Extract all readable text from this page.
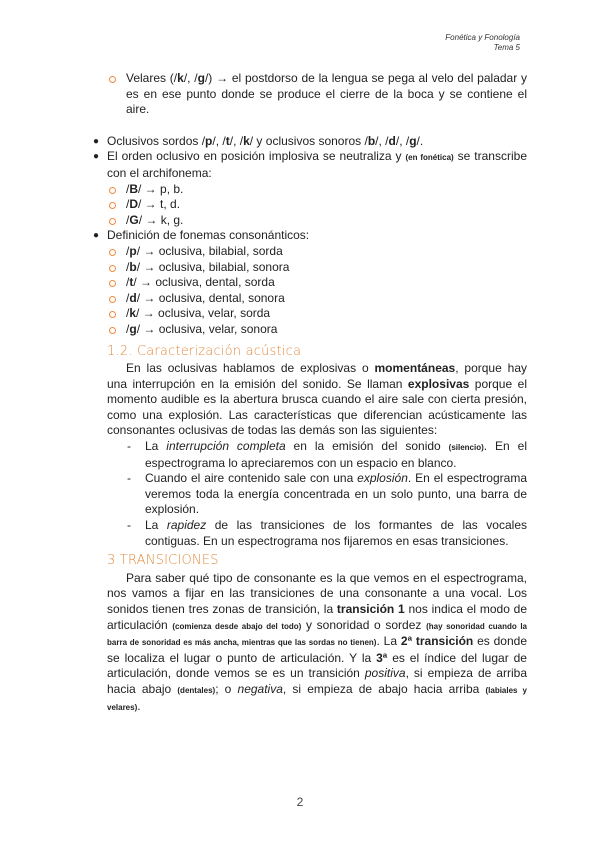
Fonética y Fonología
Tema 5

Velares (/k/, /g/) → el postdorso de la lengua se pega al velo del paladar y es en ese punto donde se produce el cierre de la boca y se contiene el aire.

● Oclusivos sordos /p/, /t/, /k/ y oclusivos sonoros /b/, /d/, /g/.

● El orden oclusivo en posición implosiva se neutraliza y (en fonética) se transcribe con el archifonema:

/B/ → p, b.

/D/ → t, d.

/G/ → k, g.

● Definición de fonemas consonánticos:

/p/ → oclusiva, bilabial, sorda

/b/ → oclusiva, bilabial, sonora

/t/ → oclusiva, dental, sorda

/d/ → oclusiva, dental, sonora

/k/ → oclusiva, velar, sorda

/g/ → oclusiva, velar, sonora

1.2. Caracterización acústica

En las oclusivas hablamos de explosivas o momentáneas, porque hay una interrupción en la emisión del sonido. Se llaman explosivas porque el momento audible es la abertura brusca cuando el aire sale con cierta presión, como una explosión. Las características que diferencian acústicamente las consonantes oclusivas de todas las demás son las siguientes:

- La interrupción completa en la emisión del sonido (silencio). En el espectrograma lo apreciaremos con un espacio en blanco.
- Cuando el aire contenido sale con una explosión. En el espectrograma veremos toda la energía concentrada en un solo punto, una barra de explosión.
- La rapidez de las transiciones de los formantes de las vocales contiguas. En un espectrograma nos fijaremos en esas transiciones.
3 TRANSICIONES

Para saber qué tipo de consonante es la que vemos en el espectrograma, nos vamos a fijar en las transiciones de una consonante a una vocal. Los sonidos tienen tres zonas de transición, la transición 1 nos indica el modo de articulación (comienza desde abajo del todo) y sonoridad o sordez (hay sonoridad cuando la barra de sonoridad es más ancha, mientras que las sordas no tienen). La 2ª transición es donde se localiza el lugar o punto de articulación. Y la 3ª es el índice del lugar de articulación, donde vemos se es un transición positiva, si empieza de arriba hacia abajo (dentales); o negativa, si empieza de abajo hacia arriba (labiales y velares).

2
